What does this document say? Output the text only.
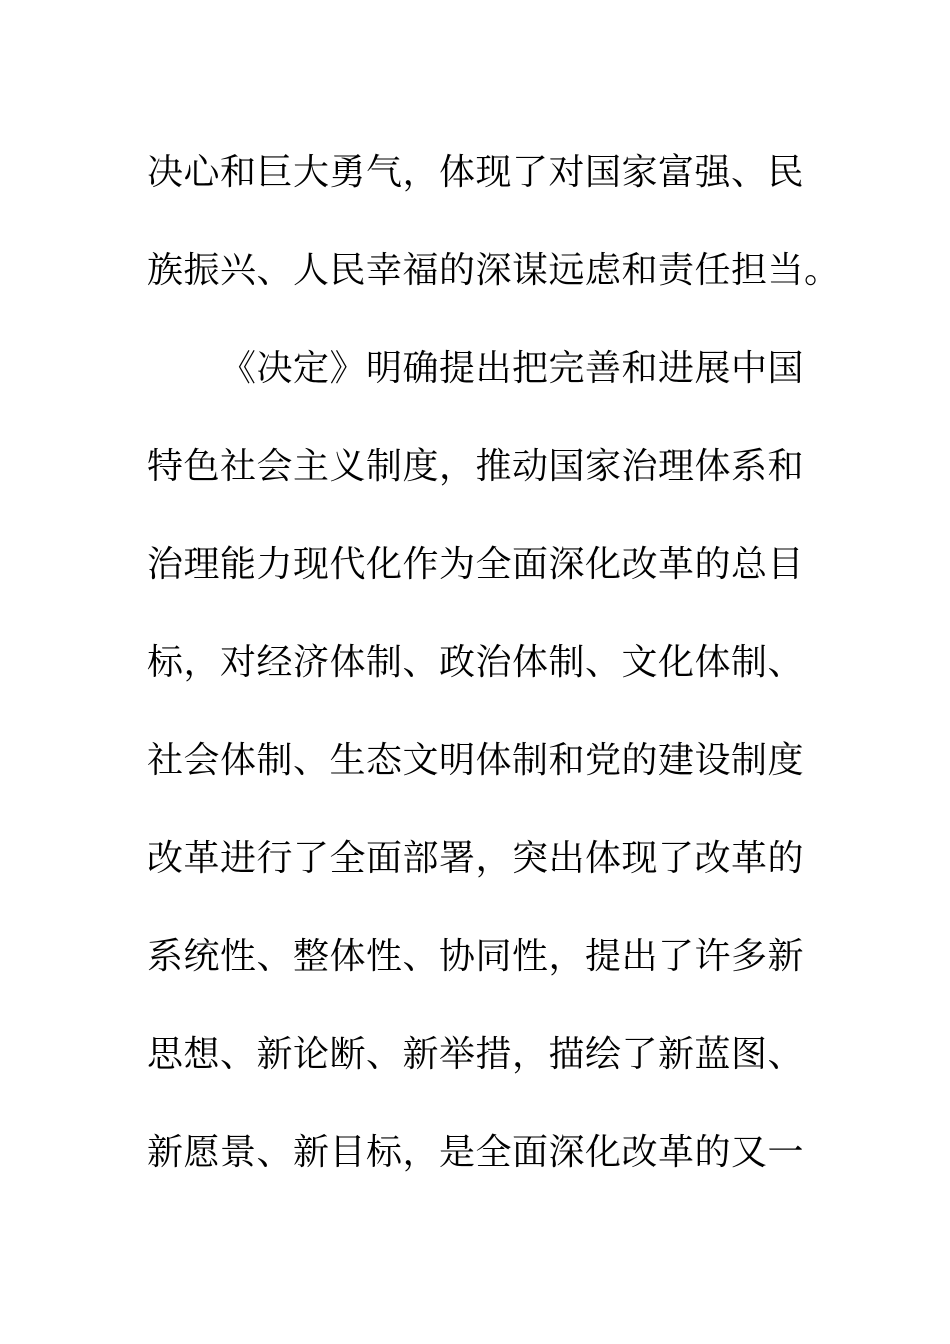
决心和巨大勇气，体现了对国家富强、民
族振兴、人民幸福的深谋远虑和责任担当。
《决定》明确提出把完善和进展中国
特色社会主义制度，推动国家治理体系和
治理能力现代化作为全面深化改革的总目
标，对经济体制、政治体制、文化体制、
社会体制、生态文明体制和党的建设制度
改革进行了全面部署，突出体现了改革的
系统性、整体性、协同性，提出了许多新
思想、新论断、新举措，描绘了新蓝图、
新愿景、新目标，是全面深化改革的又一
